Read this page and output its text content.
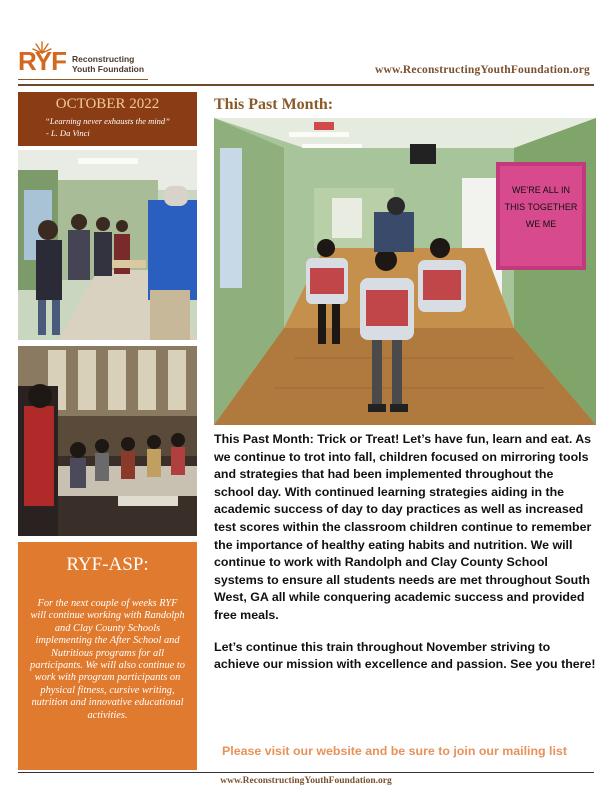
RYF Reconstructing
Youth Foundation	www.ReconstructingYouthFoundation.org
OCTOBER 2022
“Learning never exhausts the mind”
- L. Da Vinci
RYF-ASP:
For the next couple of weeks RYF will continue working with Randolph and Clay County Schools implementing the After School and Nutritious programs for all participants. We will also continue to work with program participants on physical fitness, cursive writing, nutrition and innovative educational activities.
This Past Month:
WE'RE ALL IN
THIS TOGETHER
WE ME

This Past Month: Trick or Treat! Let’s have fun, learn and eat. As we continue to trot into fall, children focused on mirroring tools and strategies that had been implemented throughout the school day. With continued learning strategies aiding in the academic success of day to day practices as well as increased test scores within the classroom children continue to remember the importance of healthy eating habits and nutrition. We will continue to work with Randolph and Clay County School systems to ensure all students needs are met throughout South West, GA all while conquering academic success and provided free meals.

Let’s continue this train throughout November striving to achieve our mission with excellence and passion. See you there!

Please visit our website and be sure to join our mailing list
www.ReconstructingYouthFoundation.org
